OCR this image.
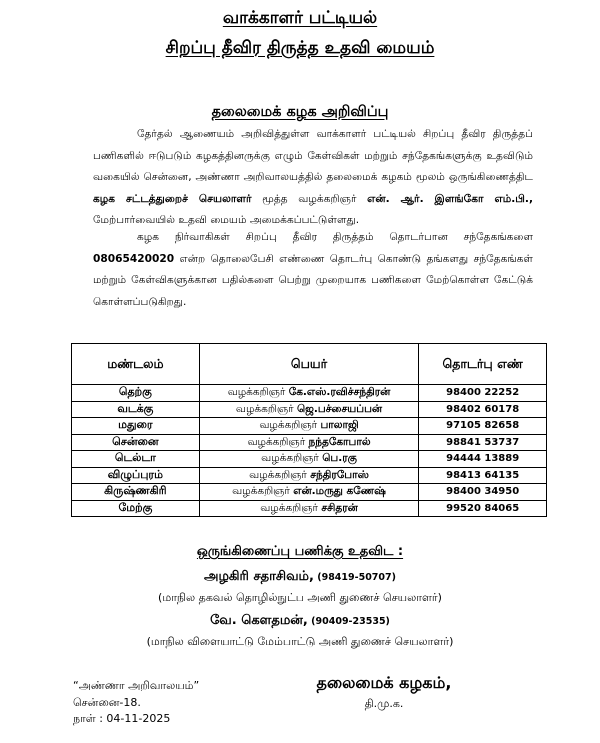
வாக்காளர் பட்டியல்
சிறப்பு தீவிர திருத்த உதவி மையம்
தலைமைக் கழக அறிவிப்பு
தேர்தல் ஆணையம் அறிவித்துள்ள வாக்காளர் பட்டியல் சிறப்பு தீவிர திருத்தப் பணிகளில் ஈடுபடும் கழகத்தினருக்கு எழும் கேள்விகள் மற்றும் சந்தேகங்களுக்கு உதவிடும் வகையில் சென்னை, அண்ணா அறிவாலயத்தில் தலைமைக் கழகம் மூலம் ஒருங்கிணைத்திட கழக சட்டத்துறைச் செயலாளர் மூத்த வழக்கறிஞர் என். ஆர். இளங்கோ எம்.பி., மேற்பார்வையில் உதவி மையம் அமைக்கப்பட்டுள்ளது.
கழக நிர்வாகிகள் சிறப்பு தீவிர திருத்தம் தொடர்பான சந்தேகங்களை 08065420020 என்ற தொலைபேசி எண்ணை தொடர்பு கொண்டு தங்களது சந்தேகங்கள் மற்றும் கேள்விகளுக்கான பதில்களை பெற்று முறையாக பணிகளை மேற்கொள்ள கேட்டுக் கொள்ளப்படுகிறது.
மண்டலம்	பெயர்	தொடர்பு எண்
தெற்கு	வழக்கறிஞர் கே.எஸ்.ரவிச்சந்திரன்	98400 22252
வடக்கு	வழக்கறிஞர் ஜெ.பச்சையப்பன்	98402 60178
மதுரை	வழக்கறிஞர் பாலாஜி	97105 82658
சென்னை	வழக்கறிஞர் நந்தகோபால்	98841 53737
டெல்டா	வழக்கறிஞர் பெ.ரகு	94444 13889
விழுப்புரம்	வழக்கறிஞர் சந்திரபோஸ்	98413 64135
கிருஷ்ணகிரி	வழக்கறிஞர் என்.மருது கணேஷ்	98400 34950
மேற்கு	வழக்கறிஞர் சசிதரன்	99520 84065
ஒருங்கிணைப்பு பணிக்கு உதவிட :
அழகிரி சதாசிவம், (98419-50707)
(மாநில தகவல் தொழில்நுட்ப அணி துணைச் செயலாளர்)
வே. கௌதமன், (90409-23535)
(மாநில விளையாட்டு மேம்பாட்டு அணி துணைச் செயலாளர்)
“அண்ணா அறிவாலயம்”
சென்னை-18.
நாள் : 04-11-2025
தலைமைக் கழகம்,
தி.மு.க.
